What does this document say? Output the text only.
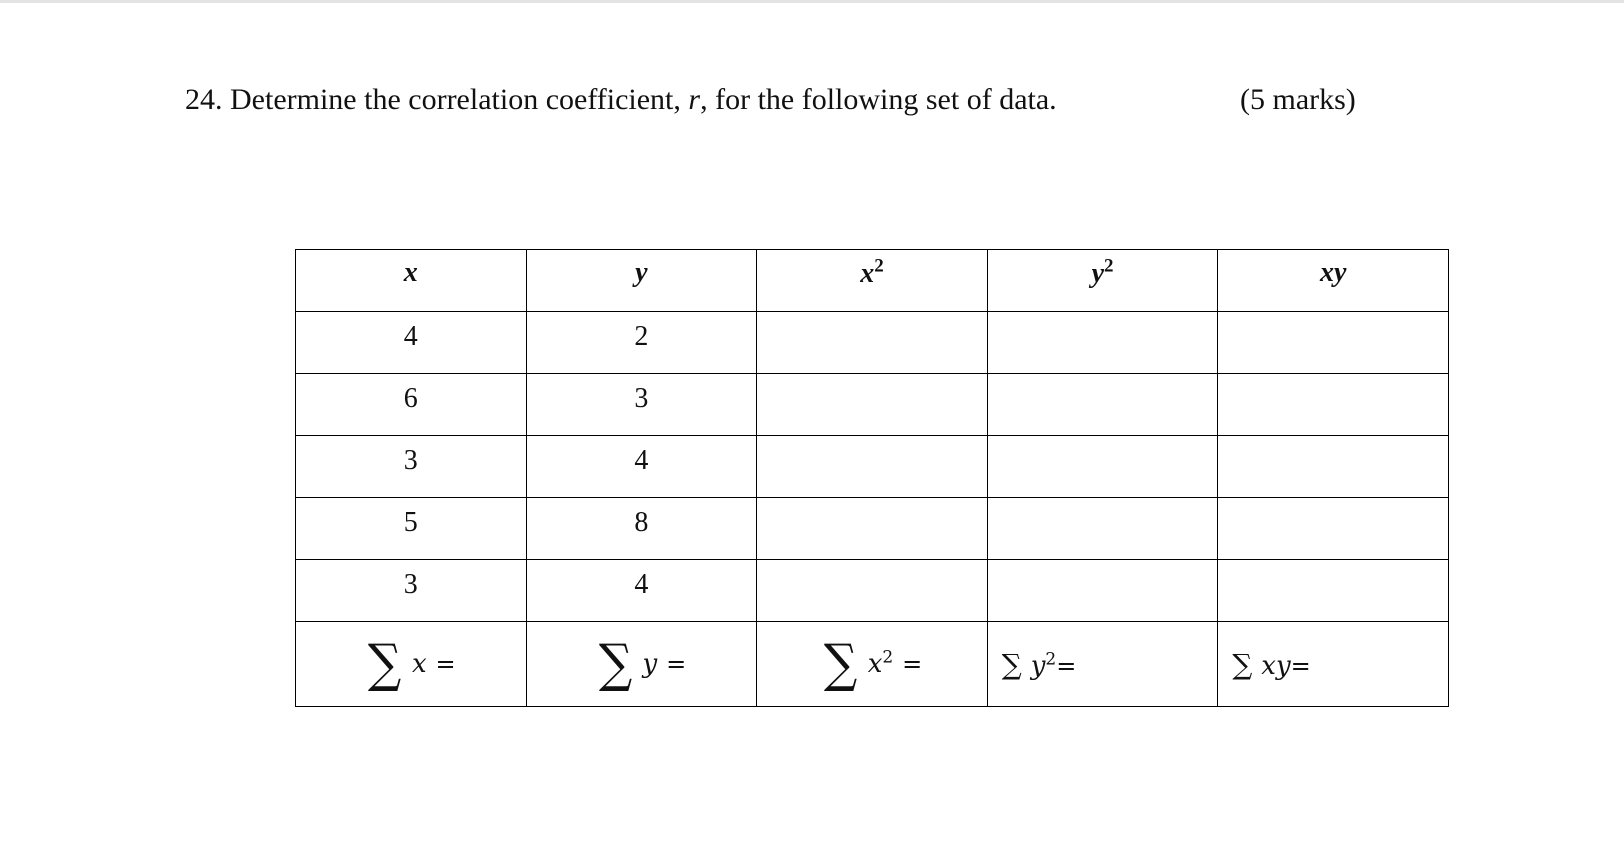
24. Determine the correlation coefficient, r, for the following set of data.	(5 marks)
x	y	$x^2$	$y^2$	xy
4	2			
6	3			
3	4			
5	8			
3	4			
∑ x =	∑ y =	∑ $x^2$ =	∑ $y^2=$	∑ xy=
